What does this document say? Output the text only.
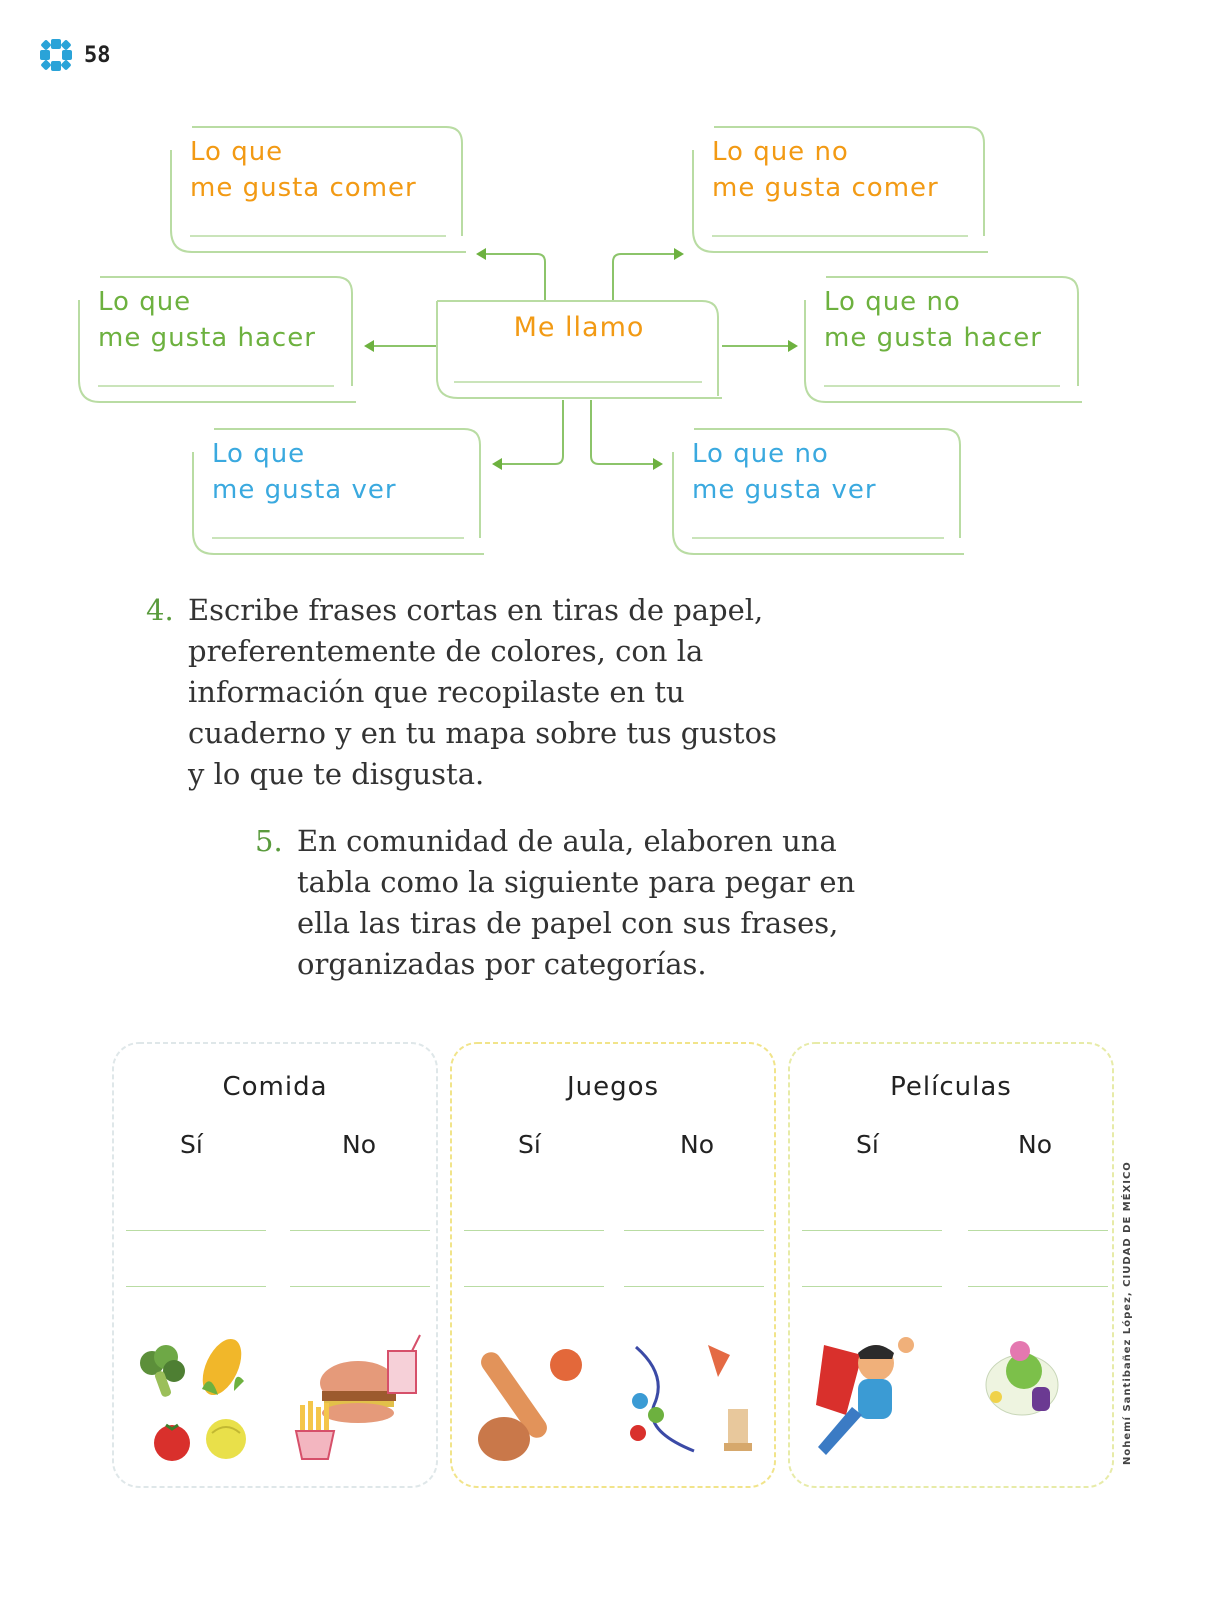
58
Lo que
me gusta comer
Lo que no
me gusta comer
Lo que
me gusta hacer	Me llamo
Lo que no
me gusta hacer
Lo que
me gusta ver
Lo que no
me gusta ver
4. Escribe frases cortas en tiras de papel,
preferentemente de colores, con la
información que recopilaste en tu
cuaderno y en tu mapa sobre tus gustos
y lo que te disgusta.
5. En comunidad de aula, elaboren una
tabla como la siguiente para pegar en
ella las tiras de papel con sus frases,
organizadas por categorías.
Comida
Sí	No
Juegos
Sí	No
Películas
Sí	No
Nohemí Santibañez López, CIUDAD DE MÉXICO
